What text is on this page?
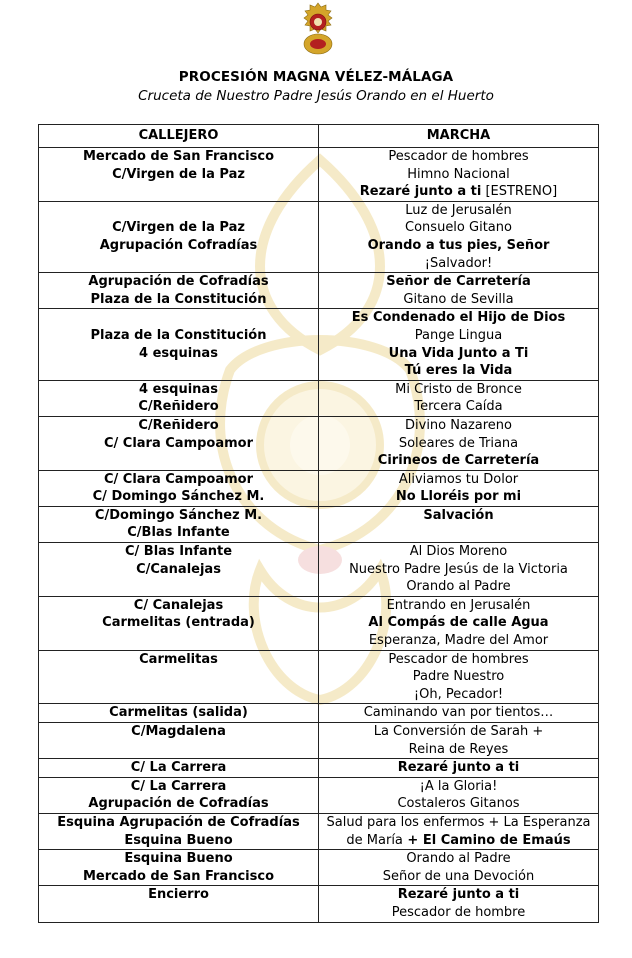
PROCESIÓN MAGNA VÉLEZ-MÁLAGA
Cruceta de Nuestro Padre Jesús Orando en el Huerto
CALLEJERO	MARCHA

Mercado de San Francisco
C/Virgen de la Paz	Pescador de hombres
Himno Nacional
Rezaré junto a ti [ESTRENO]

C/Virgen de la Paz
Agrupación Cofradías	Luz de Jerusalén
Consuelo Gitano
Orando a tus pies, Señor
¡Salvador!

Agrupación de Cofradías
Plaza de la Constitución	Señor de Carretería
Gitano de Sevilla

Plaza de la Constitución
4 esquinas	Es Condenado el Hijo de Dios
Pange Lingua
Una Vida Junto a Ti
Tú eres la Vida

4 esquinas
C/Reñidero	Mi Cristo de Bronce
Tercera Caída

C/Reñidero
C/ Clara Campoamor	Divino Nazareno
Soleares de Triana
Cirineos de Carretería

C/ Clara Campoamor
C/ Domingo Sánchez M.	Aliviamos tu Dolor
No Lloréis por mi

C/Domingo Sánchez M.
C/Blas Infante	Salvación

C/ Blas Infante
C/Canalejas	Al Dios Moreno
Nuestro Padre Jesús de la Victoria
Orando al Padre

C/ Canalejas
Carmelitas (entrada)	Entrando en Jerusalén
Al Compás de calle Agua
Esperanza, Madre del Amor

Carmelitas	Pescador de hombres
Padre Nuestro
¡Oh, Pecador!

Carmelitas (salida)	Caminando van por tientos…

C/Magdalena	La Conversión de Sarah +
Reina de Reyes

C/ La Carrera	Rezaré junto a ti

C/ La Carrera
Agrupación de Cofradías	¡A la Gloria!
Costaleros Gitanos

Esquina Agrupación de Cofradías
Esquina Bueno	Salud para los enfermos + La Esperanza de María + El Camino de Emaús

Esquina Bueno
Mercado de San Francisco	Orando al Padre
Señor de una Devoción

Encierro	Rezaré junto a ti
Pescador de hombre
